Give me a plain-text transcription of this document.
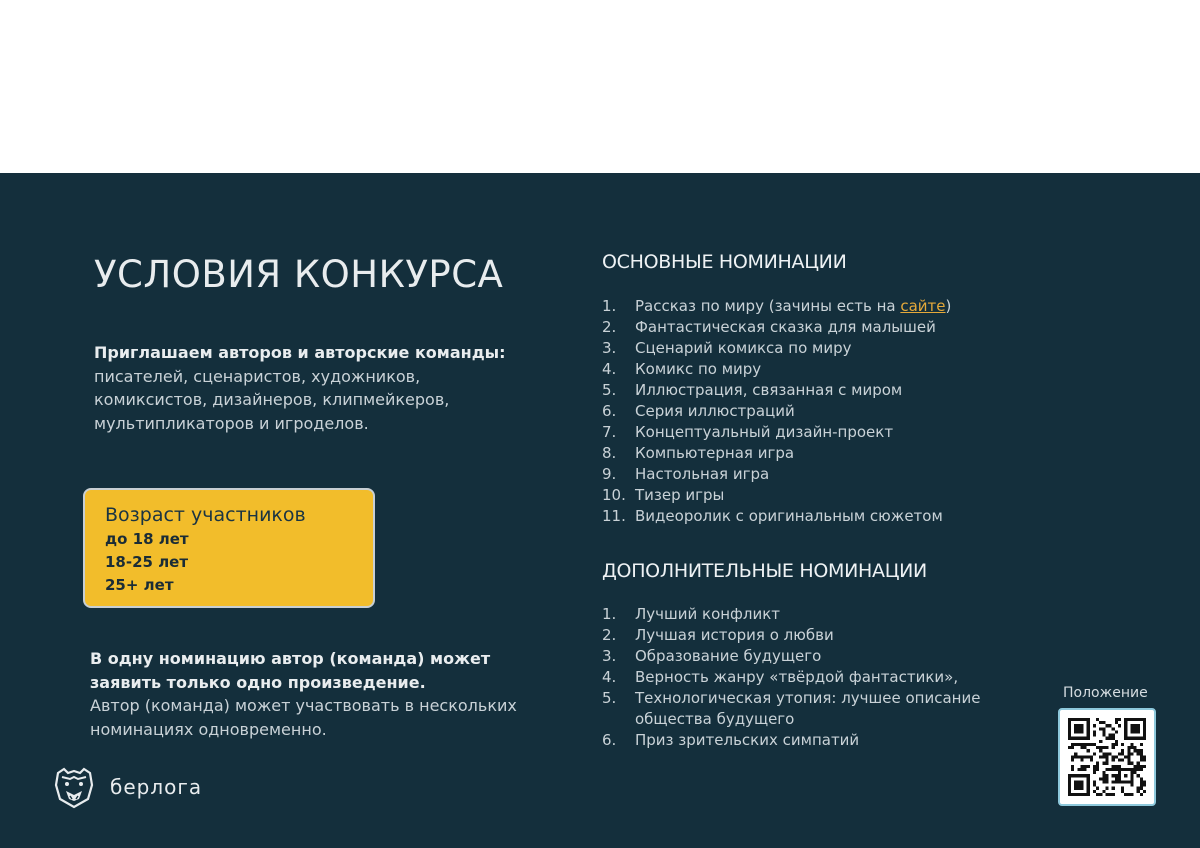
УСЛОВИЯ КОНКУРСА
Приглашаем авторов и авторские команды:
писателей, сценаристов, художников, комиксистов, дизайнеров, клипмейкеров, мультипликаторов и игроделов.
Возраст участников
до 18 лет
18-25 лет
25+ лет
В одну номинацию автор (команда) может заявить только одно произведение.
Автор (команда) может участвовать в нескольких номинациях одновременно.
берлога
ОСНОВНЫЕ НОМИНАЦИИ
1.	Рассказ по миру (зачины есть на сайте)
2.	Фантастическая сказка для малышей
3.	Сценарий комикса по миру
4.	Комикс по миру
5.	Иллюстрация, связанная с миром
6.	Серия иллюстраций
7.	Концептуальный дизайн-проект
8.	Компьютерная игра
9.	Настольная игра
10. Тизер игры
11. Видеоролик с оригинальным сюжетом
ДОПОЛНИТЕЛЬНЫЕ НОМИНАЦИИ
1.	Лучший конфликт
2.	Лучшая история о любви
3.	Образование будущего
4.	Верность жанру «твёрдой фантастики»,
5.	Технологическая утопия: лучшее описание общества будущего
6.	Приз зрительских симпатий
Положение
